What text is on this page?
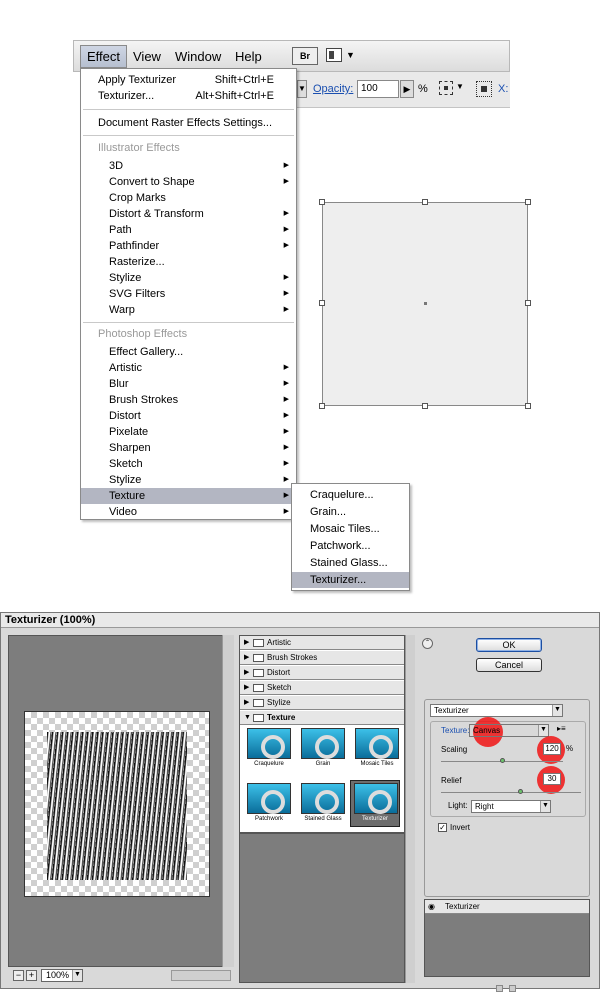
Effect View Window Help	Br	▼
▼ Opacity: 100	▶ %	▼	X:
Apply Texturizer	Shift+Ctrl+E
Texturizer...	Alt+Shift+Ctrl+E
Document Raster Effects Settings...
Illustrator Effects
3D	▶
Convert to Shape	▶
Crop Marks
Distort & Transform	▶
Path	▶
Pathfinder	▶
Rasterize...
Stylize	▶
SVG Filters	▶
Warp	▶
Photoshop Effects
Effect Gallery...
Artistic	▶
Blur	▶
Brush Strokes	▶
Distort	▶
Pixelate	▶
Sharpen	▶
Sketch	▶
Stylize	▶
Texture	▶
Video	▶
Craquelure...
Grain...
Mosaic Tiles...
Patchwork...
Stained Glass...
Texturizer...
Texturizer (100%)
− +	100% ▼
▶ Artistic
▶ Brush Strokes
▶ Distort
▶ Sketch
▶ Stylize
▼ Texture
Craquelure	Grain	Mosaic Tiles
Patchwork	Stained Glass	Texturizer
⌃	OK
Cancel
Texturizer	▼
Texture: Canvas	▼ ▸≡
Scaling	120 %
Relief	30
Light: Right	▼
✓ Invert
◉	Texturizer
